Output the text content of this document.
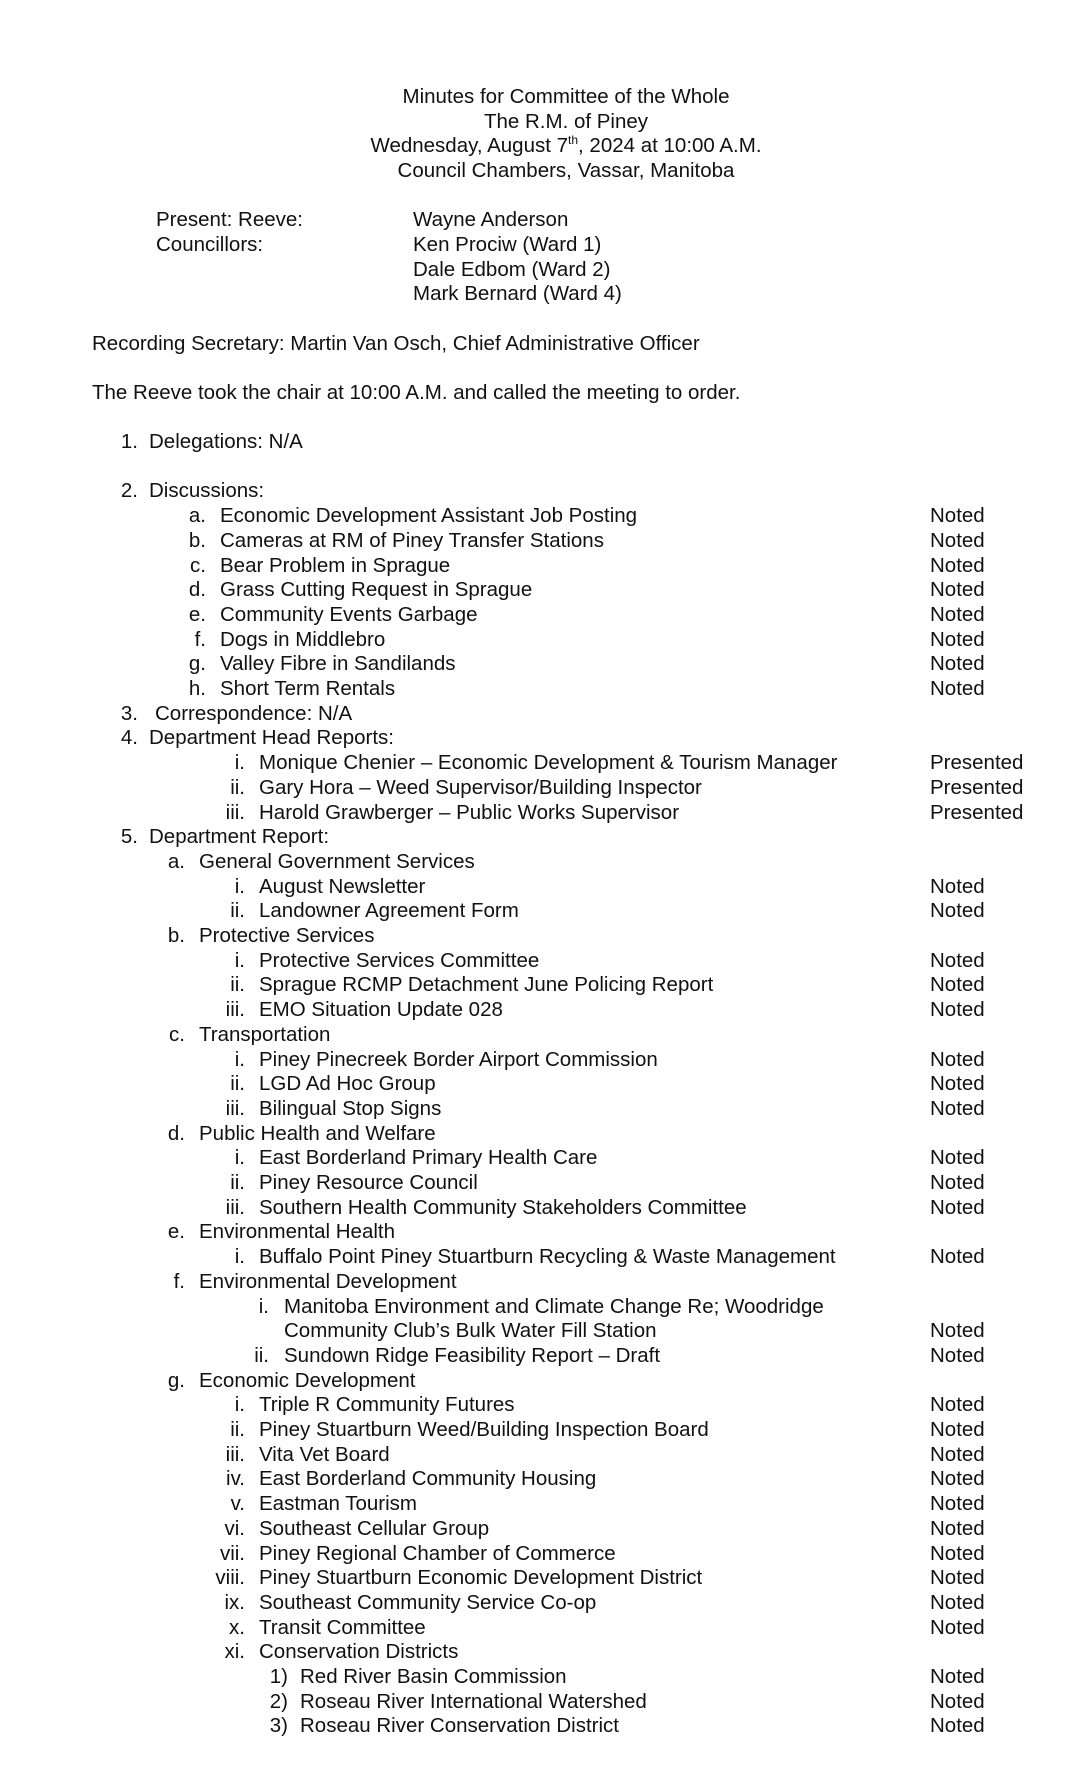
Minutes for Committee of the Whole
The R.M. of Piney
Wednesday, August 7th, 2024 at 10:00 A.M.
Council Chambers, Vassar, Manitoba
Present: Reeve:	Wayne Anderson
Councillors:	Ken Prociw (Ward 1)
Dale Edbom (Ward 2)
Mark Bernard (Ward 4)
Recording Secretary: Martin Van Osch, Chief Administrative Officer
The Reeve took the chair at 10:00 A.M. and called the meeting to order.
1. Delegations: N/A
2. Discussions:
a. Economic Development Assistant Job Posting	Noted
b. Cameras at RM of Piney Transfer Stations	Noted
c. Bear Problem in Sprague	Noted
d. Grass Cutting Request in Sprague	Noted
e. Community Events Garbage	Noted
f. Dogs in Middlebro	Noted
g. Valley Fibre in Sandilands	Noted
h. Short Term Rentals	Noted
3. Correspondence: N/A
4. Department Head Reports:
i. Monique Chenier – Economic Development & Tourism Manager	Presented
ii. Gary Hora – Weed Supervisor/Building Inspector	Presented
iii. Harold Grawberger – Public Works Supervisor	Presented
5. Department Report:
a. General Government Services
i. August Newsletter	Noted
ii. Landowner Agreement Form	Noted
b. Protective Services
i. Protective Services Committee	Noted
ii. Sprague RCMP Detachment June Policing Report	Noted
iii. EMO Situation Update 028	Noted
c. Transportation
i. Piney Pinecreek Border Airport Commission	Noted
ii. LGD Ad Hoc Group	Noted
iii. Bilingual Stop Signs	Noted
d. Public Health and Welfare
i. East Borderland Primary Health Care	Noted
ii. Piney Resource Council	Noted
iii. Southern Health Community Stakeholders Committee	Noted
e. Environmental Health
i. Buffalo Point Piney Stuartburn Recycling & Waste Management	Noted
f. Environmental Development
i. Manitoba Environment and Climate Change Re; Woodridge
Community Club’s Bulk Water Fill Station	Noted
ii. Sundown Ridge Feasibility Report – Draft	Noted
g. Economic Development
i. Triple R Community Futures	Noted
ii. Piney Stuartburn Weed/Building Inspection Board	Noted
iii. Vita Vet Board	Noted
iv. East Borderland Community Housing	Noted
v. Eastman Tourism	Noted
vi. Southeast Cellular Group	Noted
vii. Piney Regional Chamber of Commerce	Noted
viii. Piney Stuartburn Economic Development District	Noted
ix. Southeast Community Service Co-op	Noted
x. Transit Committee	Noted
xi. Conservation Districts
1) Red River Basin Commission	Noted
2) Roseau River International Watershed	Noted
3) Roseau River Conservation District	Noted
